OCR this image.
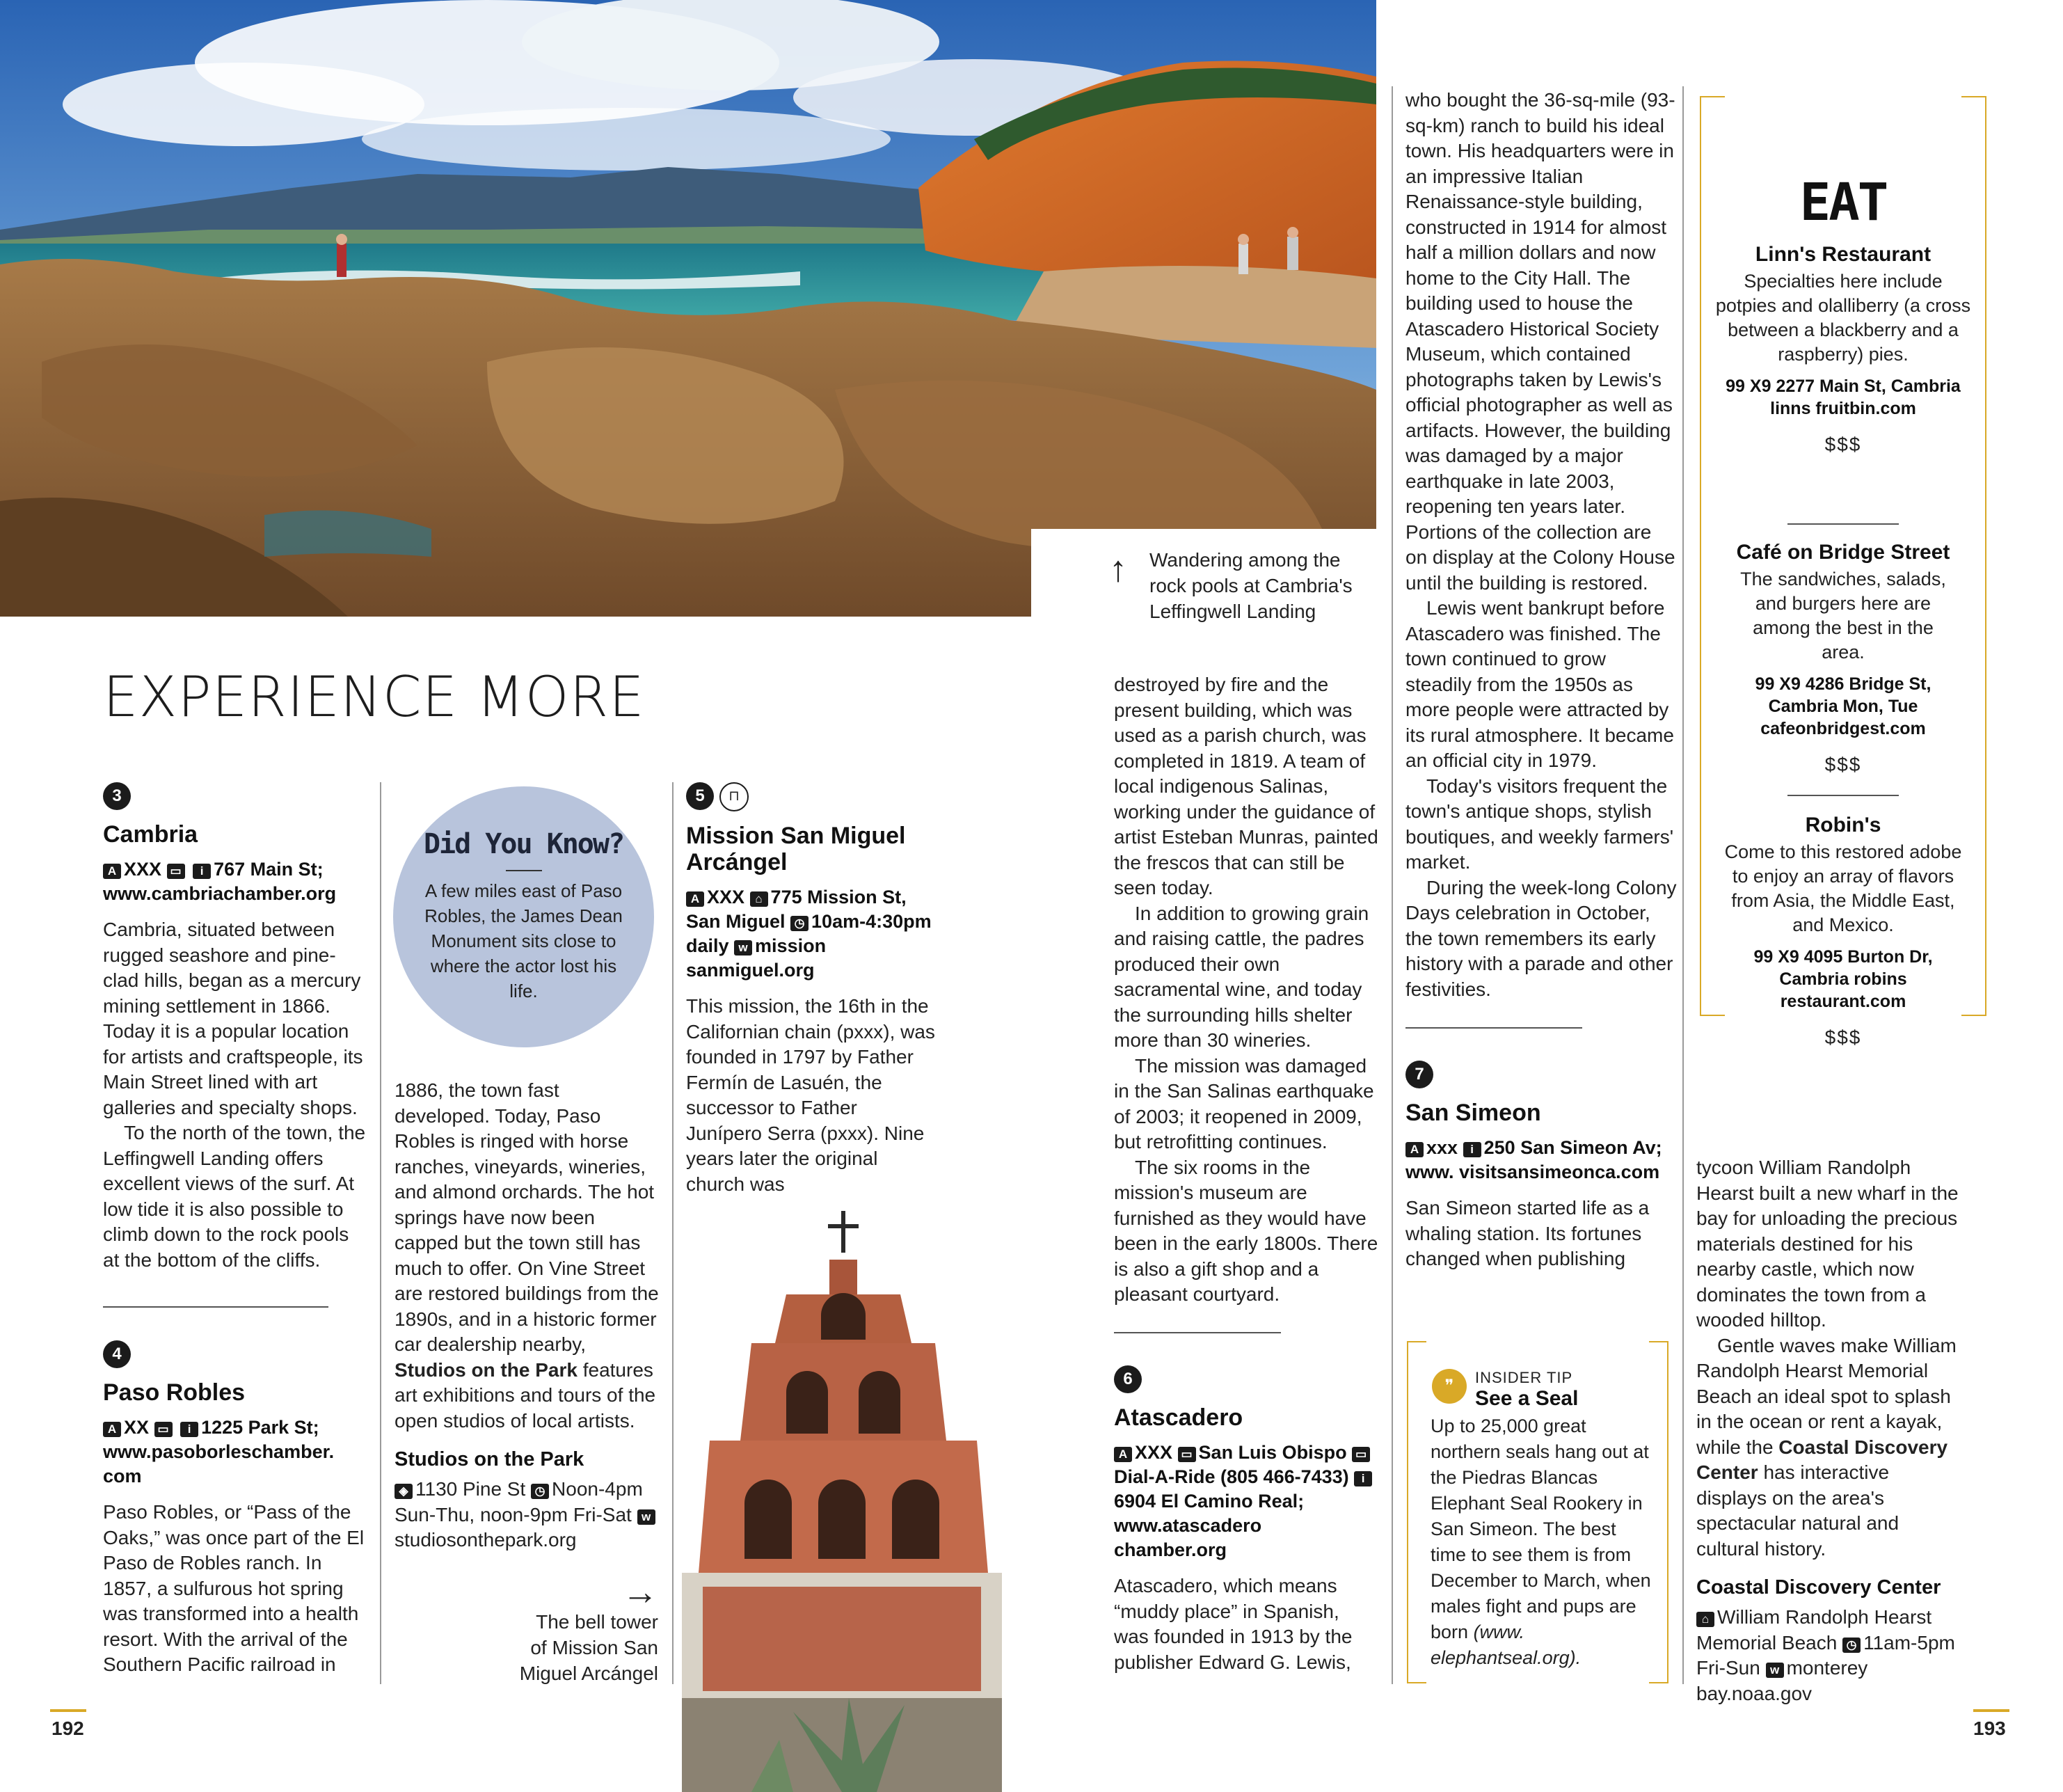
↑ Wandering among the
rock pools at Cambria's
Leffingwell Landing
EXPERIENCE MORE
3
Cambria
A XXX ▭ i 767 Main St;
www.cambriachamber.org

Cambria, situated between rugged seashore and pine-clad hills, began as a mercury mining settlement in 1866. Today it is a popular location for artists and craftspeople, its Main Street lined with art galleries and specialty shops.

To the north of the town, the Leffingwell Landing offers excellent views of the surf. At low tide it is also possible to climb down to the rock pools at the bottom of the cliffs.

4
Paso Robles
A XX ▭ i 1225 Park St;
www.pasoborleschamber.
com

Paso Robles, or “Pass of the Oaks,” was once part of the El Paso de Robles ranch. In 1857, a sulfurous hot spring was transformed into a health resort. With the arrival of the Southern Pacific railroad in

Did You Know?
A few miles east of Paso Robles, the James Dean Monument sits close to where the actor lost his life.

1886, the town fast developed. Today, Paso Robles is ringed with horse ranches, vineyards, wineries, and almond orchards. The hot springs have now been capped but the town still has much to offer. On Vine Street are restored buildings from the 1890s, and in a historic former car dealership nearby, Studios on the Park features art exhibitions and tours of the open studios of local artists.

Studios on the Park

◈ 1130 Pine St ◷ Noon-4pm Sun-Thu, noon-9pm Fri-Sat wstudiosonthepark.org

5 ⊓
Mission San Miguel
Arcángel
A XXX ⌂ 775 Mission St, San Miguel ◷ 10am-4:30pm daily w mission sanmiguel.org

This mission, the 16th in the Californian chain (pxxx), was founded in 1797 by Father Fermín de Lasuén, the successor to Father Junípero Serra (pxxx). Nine years later the original church was

→
The bell tower
of Mission San
Miguel Arcángel

destroyed by fire and the present building, which was used as a parish church, was completed in 1819. A team of local indigenous Salinas, working under the guidance of artist Esteban Munras, painted the frescos that can still be seen today.

In addition to growing grain and raising cattle, the padres produced their own sacramental wine, and today the surrounding hills shelter more than 30 wineries.

The mission was damaged in the San Salinas earthquake of 2003; it reopened in 2009, but retrofitting continues.

The six rooms in the mission's museum are furnished as they would have been in the early 1800s. There is also a gift shop and a pleasant courtyard.

6
Atascadero
A XXX ▭ San Luis Obispo ▭Dial-A-Ride (805 466-7433) i6904 El Camino Real; www.atascadero chamber.org

Atascadero, which means “muddy place” in Spanish, was founded in 1913 by the publisher Edward G. Lewis,

who bought the 36-sq-mile (93-sq-km) ranch to build his ideal town. His headquarters were in an impressive Italian Renaissance-style building, constructed in 1914 for almost half a million dollars and now home to the City Hall. The building used to house the Atascadero Historical Society Museum, which contained photographs taken by Lewis's official photographer as well as artifacts. However, the building was damaged by a major earthquake in late 2003, reopening ten years later. Portions of the collection are on display at the Colony House until the building is restored.

Lewis went bankrupt before Atascadero was finished. The town continued to grow steadily from the 1950s as more people were attracted by its rural atmosphere. It became an official city in 1979.

Today's visitors frequent the town's antique shops, stylish boutiques, and weekly farmers' market.

During the week-long Colony Days celebration in October, the town remembers its early history with a parade and other festivities.

7
San Simeon
A xxx i 250 San Simeon Av; www. visitsansimeonca.com

San Simeon started life as a whaling station. Its fortunes changed when publishing

❞	INSIDER TIP
See a Seal
Up to 25,000 great northern seals hang out at the Piedras Blancas Elephant Seal Rookery in San Simeon. The best time to see them is from December to March, when males fight and pups are born (www. elephantseal.org).
EAT
Linn's Restaurant
Specialties here include potpies and olalliberry (a cross between a blackberry and a raspberry) pies.
99 X9 2277 Main St, Cambria linns fruitbin.com
$$$
Café on Bridge Street
The sandwiches, salads, and burgers here are among the best in the area.
99 X9 4286 Bridge St, Cambria Mon, Tue cafeonbridgest.com
$$$
Robin's
Come to this restored adobe to enjoy an array of flavors from Asia, the Middle East, and Mexico.
99 X9 4095 Burton Dr, Cambria robins restaurant.com
$$$

tycoon William Randolph Hearst built a new wharf in the bay for unloading the precious materials destined for his nearby castle, which now dominates the town from a wooded hilltop.

Gentle waves make William Randolph Hearst Memorial Beach an ideal spot to splash in the ocean or rent a kayak, while the Coastal Discovery Center has interactive displays on the area's spectacular natural and cultural history.

Coastal Discovery Center

⌂ William Randolph Hearst Memorial Beach ◷ 11am-5pm Fri-Sun w monterey bay.noaa.gov

192	193
